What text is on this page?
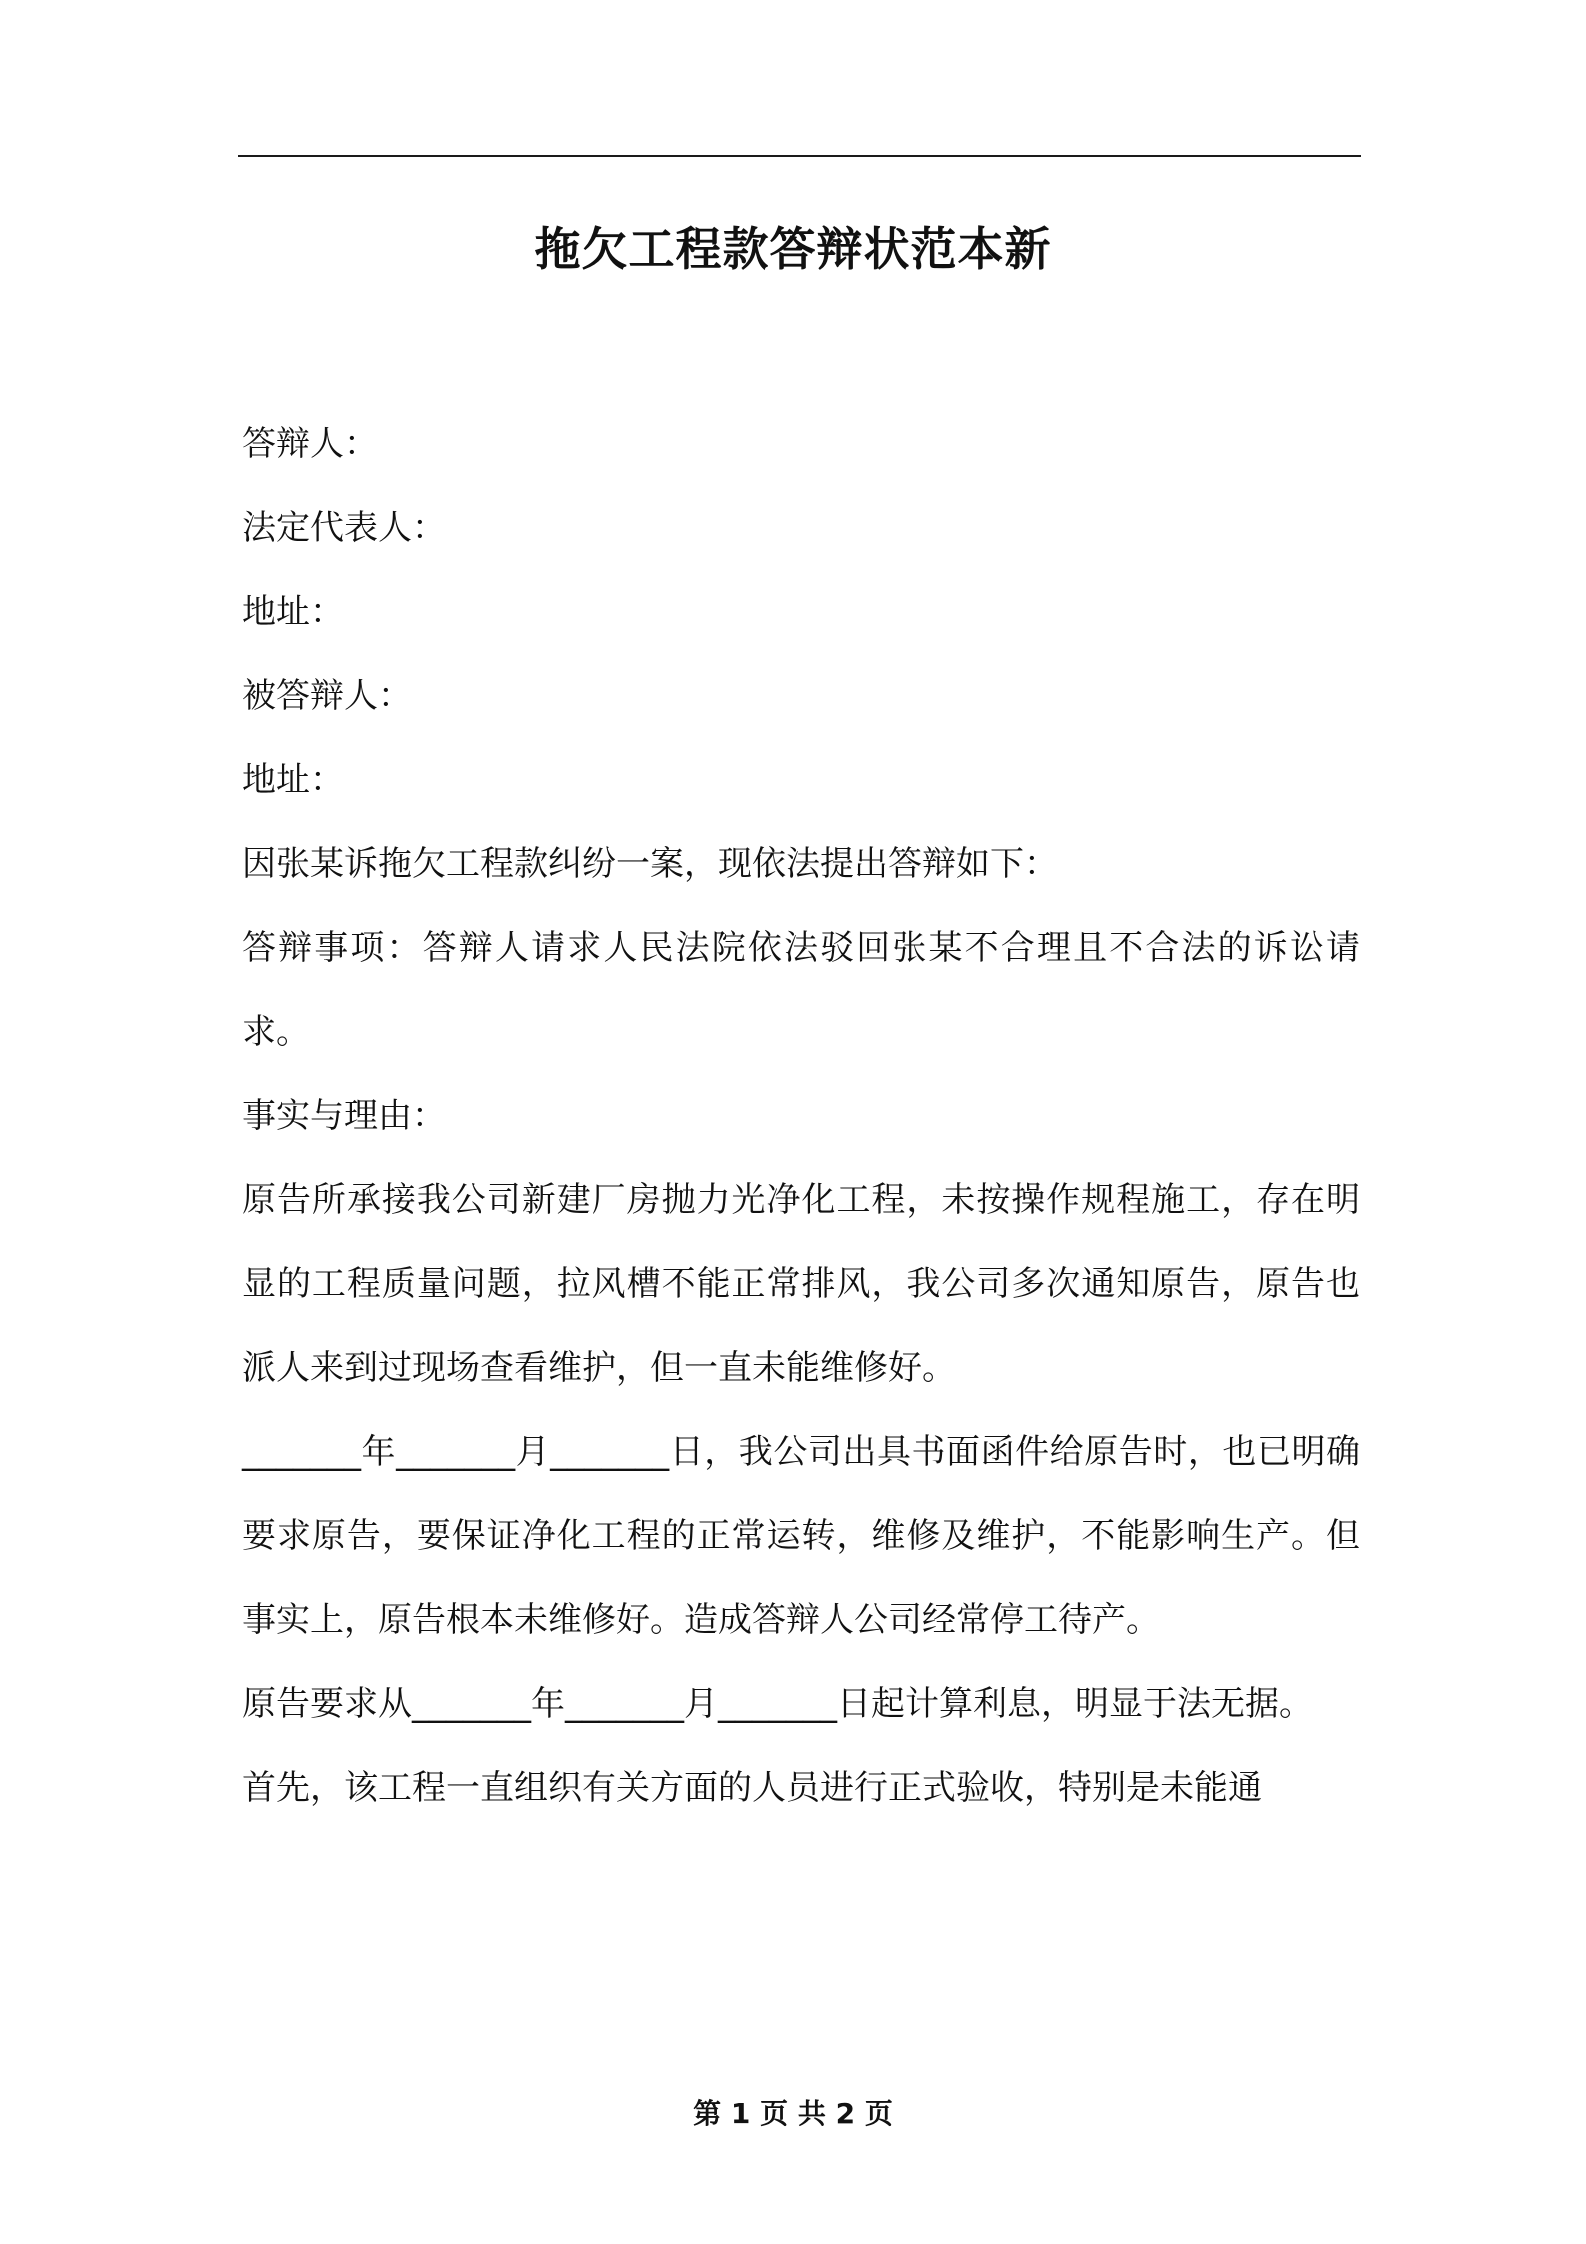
拖欠工程款答辩状范本新

答辩人：

法定代表人：

地址：

被答辩人：

地址：

因张某诉拖欠工程款纠纷一案，现依法提出答辩如下：

答辩事项：答辩人请求人民法院依法驳回张某不合理且不合法的诉讼请求。

事实与理由：

原告所承接我公司新建厂房抛力光净化工程，未按操作规程施工，存在明显的工程质量问题，拉风槽不能正常排风，我公司多次通知原告，原告也派人来到过现场查看维护，但一直未能维修好。

_______年_______月_______日，我公司出具书面函件给原告时，也已明确要求原告，要保证净化工程的正常运转，维修及维护，不能影响生产。但事实上，原告根本未维修好。造成答辩人公司经常停工待产。

原告要求从_______年_______月_______日起计算利息，明显于法无据。

首先，该工程一直组织有关方面的人员进行正式验收，特别是未能通

第 1 页 共 2 页
